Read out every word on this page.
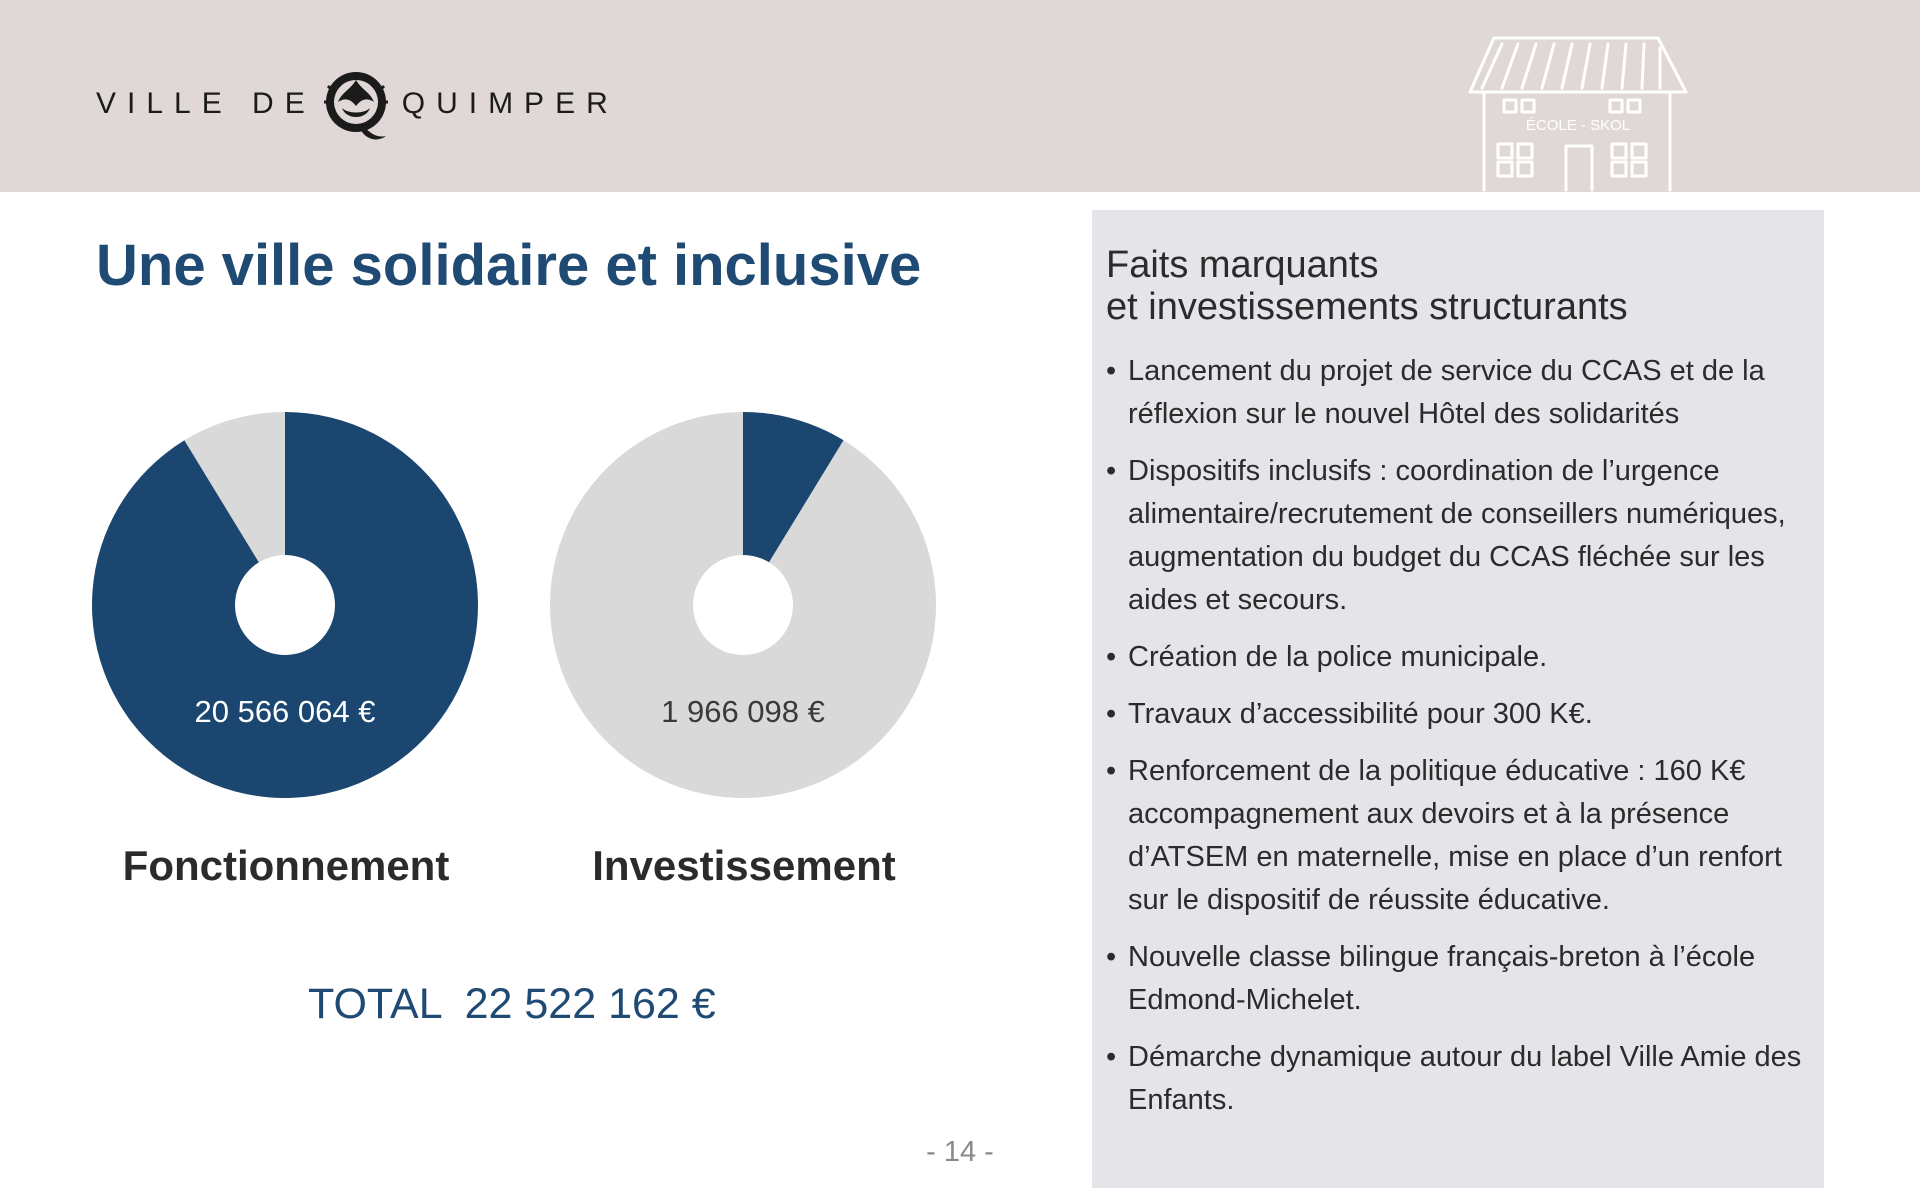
VILLE DE	QUIMPER
ÉCOLE - SKOL
Une ville solidaire et inclusive
20 566 064 €	1 966 098 €
Fonctionnement	Investissement
TOTAL 22 522 162 €
- 14 -
Faits marquants
et investissements structurants
• Lancement du projet de service du CCAS et de la réflexion sur le nouvel Hôtel des solidarités
• Dispositifs inclusifs : coordination de l’urgence alimentaire/recrutement de conseillers numériques, augmentation du budget du CCAS fléchée sur les aides et secours.
• Création de la police municipale.
• Travaux d’accessibilité pour 300 K€.
• Renforcement de la politique éducative : 160 K€ accompagnement aux devoirs et à la présence d’ATSEM en maternelle, mise en place d’un renfort sur le dispositif de réussite éducative.
• Nouvelle classe bilingue français-breton à l’école Edmond-Michelet.
• Démarche dynamique autour du label Ville Amie des Enfants.
